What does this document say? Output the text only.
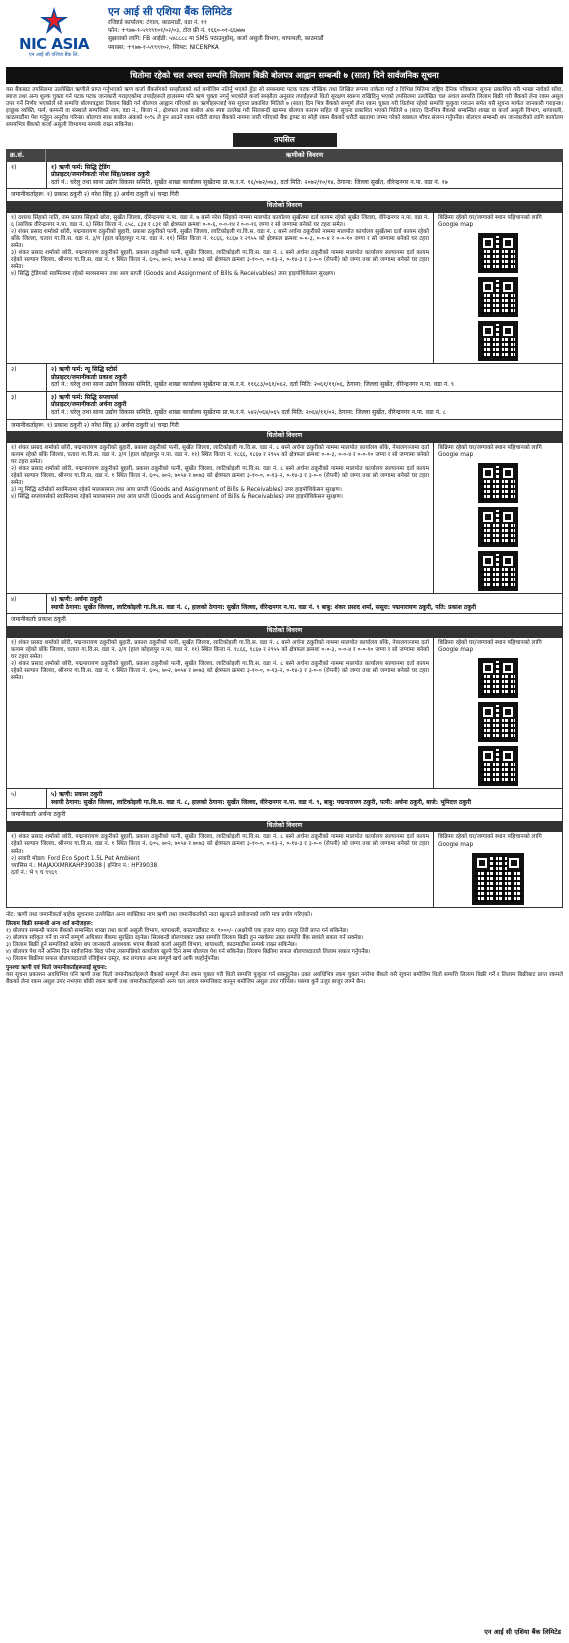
NIC ASIA
एन आई सी एशिया बैंक लि.
एन आई सी एशिया बैंक लिमिटेड
रजिष्टर्ड कार्यालय: टंगाल, काठमाडौं, वडा नं. ११
फोन: +९७७-१-५९९९१०१/०२/०३, टोल फ्री नं. १६६०-०१-६६७७७
सुझावको लागि: FB आईडी: ५४८८८८ मा SMS पठाउनुहोस्, कर्जा असुली विभाग, थापाथली, काठमाडौं
फ्याक्स: +९७७-१-५९९९१०२, स्विफ्ट: NICENPKA
धितोमा रहेको चल अचल सम्पत्ति लिलाम बिक्री बोलपत्र आह्वान सम्बन्धी ७ (सात) दिने सार्वजनिक सूचना
यस बैंकबाट तपसिलमा उल्लेखित ऋणीले प्राप्त गर्नुभएको ऋण कर्जा बैंकसँगको सम्झौताको शर्त बमोजिम नतिर्नु भएको हुँदा सो सम्बन्धमा पटक पटक मौखिक तथा लिखित रूपमा ताकेता गर्दा र विभिन्न मितिमा राष्ट्रिय दैनिक पत्रिकामा सूचना प्रकाशित गरी भाखा नाघेको साँवा, ब्याज तथा अन्य शुल्क चुक्ता गर्न पटक पटक जानकारी गराइएकोमा तपाईंहरूले हालसम्म पनि ऋण चुक्ता नगर्नु भएकोले कर्जा सम्झौता अनुसार तपाईंहरूले धितो सुरक्षण स्वरूप राखिदिनु भएको तपसिलमा उल्लेखित चल अचल सम्पत्ति लिलाम बिक्री गरी बैंकको लेना रकम असुल उपर गर्ने निर्णय भएकोले सो सम्पत्ति बोलपत्रद्वारा लिलाम बिक्री गर्न बोलपत्र आह्वान गरिएको छ। ऋणीहरूलाई यस सूचना प्रकाशित मितिले ७ (सात) दिन भित्र बैंकको सम्पूर्ण लेना रकम चुक्ता गरी धितोमा रहेको सम्पत्ति फुकुवा गराउन समेत यसै सूचना मार्फत जानकारी गराइन्छ। इच्छुक व्यक्ति, फर्म, कम्पनी वा संस्थाले सम्पत्तिको नाम, वडा नं., कित्ता नं., क्षेत्रफल तथा कबोल अंक स्पष्ट उल्लेख गरी सिलबन्दी खाममा बोलपत्र फाराम सहित यो सूचना प्रकाशित भएको मितिले ७ (सात) दिनभित्र बैंकको सम्बन्धित शाखा वा कर्जा असुली विभाग, थापाथली, काठमाडौंमा पेश गर्नुहुन अनुरोध गरिन्छ। बोलपत्र साथ कबोल अंकको १०% ले हुन आउने रकम धरौटी बापत बैंकको नाममा जारी गरिएको बैंक ड्राफ्ट वा सोही रकम बैंकको धरौटी खातामा जम्मा गरेको सक्कल भौचर संलग्न गर्नुपर्नेछ। बोलपत्र सम्बन्धी थप जानकारीको लागि कार्यालय समयभित्र बैंकको कर्जा असुली विभागमा सम्पर्क राख्न सकिनेछ।
तपसिल
क्र.सं.	ऋणीको विवरण
१)	१) ऋणी फर्म: सिद्धि ट्रेडिंग
प्रोप्राइटर/जमानीकर्ताः नरेश सिंह/प्रकाश ठकुरी
दर्ता नं.: घरेलु तथा साना उद्योग विकास समिति, सुर्खेत शाखा कार्यालय सुर्खेतमा प्रा.फ.र.नं. १६/०७२/०७३, दर्ता मिति: २०७२/१०/१४, ठेगाना: जिल्ला सुर्खेत, वीरेन्द्रनगर न.पा. वडा नं. १७
जमानीकर्ताहरू: १) प्रकाश ठकुरी २) नरेश सिंह ३) अर्चना ठकुरी ४) चन्द्रा गिरी
धितोको विवरण
१) दशरथ सिंहको नाति, राम प्रताप सिंहको छोरा, सुर्खेत जिल्ला, वीरेन्द्रनगर न.पा. वडा नं. ७ बस्ने नरेश सिंहको नाममा मालपोत कार्यालय सुर्खेतमा दर्ता कायम रहेको सुर्खेत जिल्ला, वीरेन्द्रनगर न.पा. वडा नं. ६ (साविक वीरेन्द्रनगर न.पा. वडा नं. ६) स्थित कित्ता नं. ८५८, ८३४ र ८३१ को क्षेत्रफल क्रमशः ०-०-६, ०-०-१४ र ०-०-१६ जग्गा र सो जग्गामा बनेको घर टहरा समेत।
२) शंकर प्रसाद शर्माको छोरी, पद्मनारायण ठकुरीको बुहारी, प्रकाश ठकुरीको पत्नी, सुर्खेत जिल्ला, लाटिकोइली गा.वि.स. वडा नं. ८ बस्ने अर्चना ठकुरीको नाममा मालपोत कार्यालय सुर्खेतमा दर्ता कायम रहेको बाँके जिल्ला, चतारा गा.वि.स. वडा नं. ३/ग (हाल कोहलपुर न.पा. वडा नं. ११) स्थित कित्ता नं. १८६६, १८६७ र २९५५ को क्षेत्रफल क्रमशः ०-०-३, ०-०-४ र ०-०-१० जग्गा र सो जग्गामा बनेको घर टहरा समेत।
३) शंकर प्रसाद शर्माको छोरी, पद्मनारायण ठकुरीको बुहारी, प्रकाश ठकुरीको पत्नी, सुर्खेत जिल्ला, लाटिकोइली गा.वि.स. वडा नं. ८ बस्ने अर्चना ठकुरीको नाममा मालपोत कार्यालय सल्यानमा दर्ता कायम रहेको सल्यान जिल्ला, श्रीनगर गा.वि.स. वडा नं. १ स्थित कित्ता नं. ६०५, ७०२, ७०५४ र ७०७३ को क्षेत्रफल क्रमशः ३-१०-०, ०-१३-२, ०-१४-३ र ३-०-० (रोपनी) को जग्गा तथा सो जग्गामा बनेको घर टहरा समेत।
४) सिद्धि ट्रेडिंगको स्वामित्वमा रहेको मालसामान तथा आय प्राप्ती (Goods and Assignment of Bills & Receivables) उपर हाइपोथिकेसन सुरक्षण।
बिक्रिमा रहेको घर/जग्गाको स्थान पहिचानको लागि Google map
२)	२) ऋणी फर्म: न्यू सिद्धि स्टोर्स
प्रोप्राइटर/जमानीकर्ताः प्रकाश ठकुरी
दर्ता नं.: घरेलु तथा साना उद्योग विकास समिति, सुर्खेत शाखा कार्यालय सुर्खेतमा प्रा.फ.र.नं. ११६८३/०६१/०६२, दर्ता मिति: २०६१/११/०६, ठेगाना: जिल्ला सुर्खेत, वीरेन्द्रनगर न.पा. वडा नं. ९
३)	३) ऋणी फर्म: सिद्धि सप्लायर्स
प्रोप्राइटर/जमानीकर्ताः अर्चना ठकुरी
दर्ता नं.: घरेलु तथा साना उद्योग विकास समिति, सुर्खेत शाखा कार्यालय सुर्खेतमा प्रा.फ.र.नं. ५४२/०६४/०६५ दर्ता मिति: २०६४/११/०२, ठेगाना: जिल्ला सुर्खेत, वीरेन्द्रनगर न.पा. वडा नं. ८
जमानीकर्ताहरू: १) प्रकाश ठकुरी २) नरेश सिंह ३) अर्चना ठकुरी ४) चन्द्रा गिरी
धितोको विवरण
१) शंकर प्रसाद शर्माको छोरी, पद्मनारायण ठकुरीको बुहारी, प्रकाश ठकुरीको पत्नी, सुर्खेत जिल्ला, लाटिकोइली गा.वि.स. वडा नं. ८ बस्ने अर्चना ठकुरीको नाममा मालपोत कार्यालय बाँके, नेपालगञ्जमा दर्ता कायम रहेको बाँके जिल्ला, चतारा गा.वि.स. वडा नं. ३/ग (हाल कोहलपुर न.पा. वडा नं. ११) स्थित कित्ता नं. १८६६, १८६७ र २९५५ को क्षेत्रफल क्रमशः ०-०-३, ०-०-४ र ०-०-१० जग्गा र सो जग्गामा बनेको घर टहरा समेत।
२) शंकर प्रसाद शर्माको छोरी, पद्मनारायण ठकुरीको बुहारी, प्रकाश ठकुरीको पत्नी, सुर्खेत जिल्ला, लाटिकोइली गा.वि.स. वडा नं. ८ बस्ने अर्चना ठकुरीको नाममा मालपोत कार्यालय सल्यानमा दर्ता कायम रहेको सल्यान जिल्ला, श्रीनगर गा.वि.स. वडा नं. १ स्थित कित्ता नं. ६०५, ७०२, ७०५४ र ७०७३ को क्षेत्रफल क्रमशः ३-१०-०, ०-१३-२, ०-१४-३ र ३-०-० (रोपनी) को जग्गा तथा सो जग्गामा बनेको घर टहरा समेत।
३) न्यू सिद्धि स्टोर्सको स्वामित्वमा रहेको मालसामान तथा आय प्राप्ती (Goods and Assignment of Bills & Receivables) उपर हाइपोथिकेसन सुरक्षण।
४) सिद्धि सप्लायर्सको स्वामित्वमा रहेको मालसामान तथा आय प्राप्ती (Goods and Assignment of Bills & Receivables) उपर हाइपोथिकेसन सुरक्षण।
बिक्रिमा रहेको घर/जग्गाको स्थान पहिचानको लागि Google map
४)	४) ऋणी: अर्चना ठकुरी
स्थायी ठेगाना: सुर्खेत जिल्ला, लाटिकोइली गा.वि.स. वडा नं. ८, हालको ठेगाना: सुर्खेत जिल्ला, वीरेन्द्रनगर न.पा. वडा नं. ९ बाबु: शंकर प्रसाद शर्मा, ससुरा: पद्मनारायण ठकुरी, पति: प्रकाश ठकुरी
जमानीकर्ताः प्रकाश ठकुरी
धितोको विवरण
१) शंकर प्रसाद शर्माको छोरी, पद्मनारायण ठकुरीको बुहारी, प्रकाश ठकुरीको पत्नी, सुर्खेत जिल्ला, लाटिकोइली गा.वि.स. वडा नं. ८ बस्ने अर्चना ठकुरीको नाममा मालपोत कार्यालय बाँके, नेपालगञ्जमा दर्ता कायम रहेको बाँके जिल्ला, चतारा गा.वि.स. वडा नं. ३/ग (हाल कोहलपुर न.पा. वडा नं. ११) स्थित कित्ता नं. १८६६, १८६७ र २९५५ को क्षेत्रफल क्रमशः ०-०-३, ०-०-४ र ०-०-१० जग्गा र सो जग्गामा बनेको घर टहरा समेत।
२) शंकर प्रसाद शर्माको छोरी, पद्मनारायण ठकुरीको बुहारी, प्रकाश ठकुरीको पत्नी, सुर्खेत जिल्ला, लाटिकोइली गा.वि.स. वडा नं. ८ बस्ने अर्चना ठकुरीको नाममा मालपोत कार्यालय सल्यानमा दर्ता कायम रहेको सल्यान जिल्ला, श्रीनगर गा.वि.स. वडा नं. १ स्थित कित्ता नं. ६०५, ७०२, ७०५४ र ७०७३ को क्षेत्रफल क्रमशः ३-१०-०, ०-१३-२, ०-१४-३ र ३-०-० (रोपनी) को जग्गा तथा सो जग्गामा बनेको घर टहरा समेत।
बिक्रिमा रहेको घर/जग्गाको स्थान पहिचानको लागि Google map
५)	५) ऋणी: प्रकाश ठकुरी
स्थायी ठेगाना: सुर्खेत जिल्ला, लाटिकोइली गा.वि.स. वडा नं. ८, हालको ठेगाना: सुर्खेत जिल्ला, वीरेन्द्रनगर न.पा. वडा नं. ९, बाबु: पद्मनारायण ठकुरी, पत्नी: अर्चना ठकुरी, बाजे: भूमिदत्त ठकुरी
जमानीकर्ताः अर्चना ठकुरी
धितोको विवरण
१) शंकर प्रसाद शर्माको छोरी, पद्मनारायण ठकुरीको बुहारी, प्रकाश ठकुरीको पत्नी, सुर्खेत जिल्ला, लाटिकोइली गा.वि.स. वडा नं. ८ बस्ने अर्चना ठकुरीको नाममा मालपोत कार्यालय सल्यानमा दर्ता कायम रहेको सल्यान जिल्ला, श्रीनगर गा.वि.स. वडा नं. १ स्थित कित्ता नं. ६०५, ७०२, ७०५४ र ७०७३ को क्षेत्रफल क्रमशः ३-१०-०, ०-१३-२, ०-१४-३ र ३-०-० (रोपनी) को जग्गा तथा सो जग्गामा बनेको घर टहरा समेत।
२) सवारी मोडल: Ford Eco Sport 1.5L Pet Ambient
च्यासिस नं.: MAJAXXMRKAHP39038 | इन्जिन नं.: HP39038
दर्ता नं.: भे ९ च ९९६९
बिक्रिमा रहेको घर/जग्गाको स्थान पहिचानको लागि Google map
नोट: ऋणी तथा जमानीकर्ता बाहेक सूचनामा उल्लेखित अन्य व्यक्तिका नाम ऋणी तथा जमानीकर्ताको नाता खुलाउने प्रयोजनको लागि मात्र प्रयोग गरिएको।
लिलाम बिक्री सम्बन्धी अन्य शर्त बन्देजहरू:
१) बोलपत्र सम्बन्धी फारम बैंकको सम्बन्धित शाखा तथा कर्जा असुली विभाग, थापाथली, काठमाडौंबाट रु. १०००/- (अक्षरेपी एक हजार मात्र) दस्तुर तिरी प्राप्त गर्न सकिनेछ।
२) बोलपत्र स्वीकृत गर्ने वा नगर्ने सम्पूर्ण अधिकार बैंकमा सुरक्षित रहनेछ। सिलबन्दी बोलपत्रबाट उक्त सम्पत्ति लिलाम बिक्री हुन नसकेमा उक्त सम्पत्ति बैंक स्वयंले सकार गर्न सक्नेछ।
३) लिलाम बिक्री हुने सम्पत्तिको बारेमा थप जानकारी आवश्यक भएमा बैंकको कर्जा असुली विभाग, थापाथली, काठमाडौंमा सम्पर्क राख्न सकिनेछ।
४) बोलपत्र पेश गर्ने अन्तिम दिन सार्वजनिक बिदा परेमा त्यसपछिको कार्यालय खुल्ने दिन सम्म बोलपत्र पेश गर्न सकिनेछ। लिलाम बिक्रीमा सफल बोलपत्रदाताले लिलाम सकार गर्नुपर्नेछ।
५) लिलाम बिक्रीमा सफल बोलपत्रदाताले रजिष्ट्रेशन दस्तुर, कर लगायत अन्य सम्पूर्ण खर्च आफैं व्यहोर्नुपर्नेछ।
पुनश्चः ऋणी एवं धितो जमानीकर्ताहरूलाई सूचना:
यस सूचना प्रकाशन अवधिभित्र पनि ऋणी तथा धितो जमानीकर्ताहरूले बैंकको सम्पूर्ण लेना रकम चुक्ता गरी धितो सम्पत्ति फुकुवा गर्न सक्नुहुनेछ। उक्त अवधिभित्र रकम चुक्ता नगरेमा बैंकले यसै सूचना बमोजिम धितो सम्पत्ति लिलाम बिक्री गर्ने र लिलाम बिक्रीबाट प्राप्त रकमले बैंकको लेना रकम असुल उपर नभएमा बाँकी रकम ऋणी तथा जमानीकर्ताहरूको अन्य चल अचल सम्पत्तिबाट कानून बमोजिम असुल उपर गरिनेछ। यसमा कुनै उजुर बाजुर लाग्ने छैन।
एन आई सी एशिया बैंक लिमिटेड
